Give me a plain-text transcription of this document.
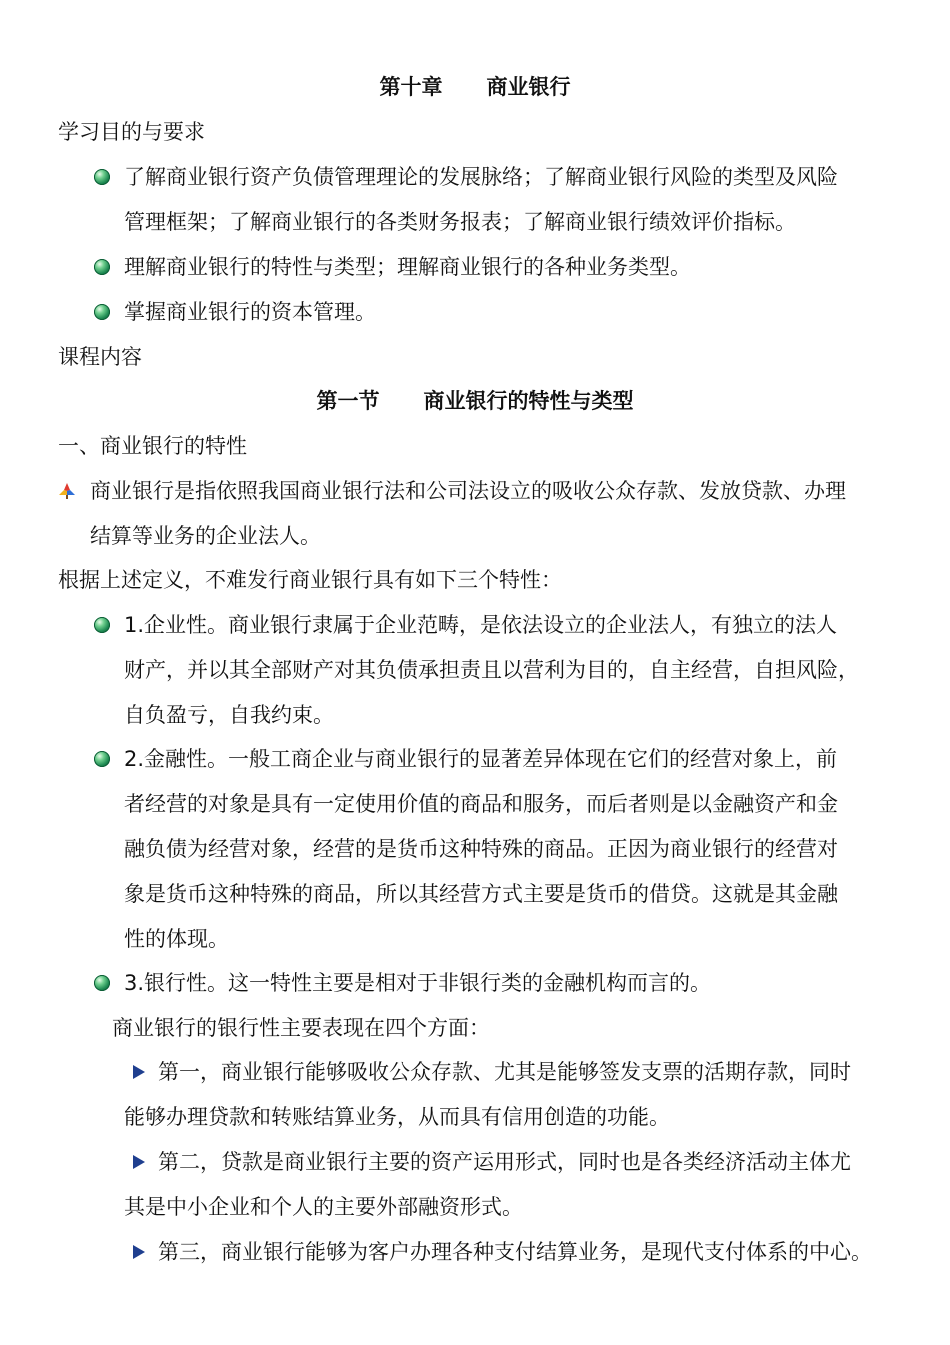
第十章 商业银行
学习目的与要求
了解商业银行资产负债管理理论的发展脉络；了解商业银行风险的类型及风险
管理框架；了解商业银行的各类财务报表；了解商业银行绩效评价指标。
理解商业银行的特性与类型；理解商业银行的各种业务类型。
掌握商业银行的资本管理。
课程内容
第一节 商业银行的特性与类型
一、商业银行的特性
商业银行是指依照我国商业银行法和公司法设立的吸收公众存款、发放贷款、办理
结算等业务的企业法人。
根据上述定义，不难发行商业银行具有如下三个特性：
1.企业性。商业银行隶属于企业范畴，是依法设立的企业法人，有独立的法人
财产，并以其全部财产对其负债承担责且以营利为目的，自主经营，自担风险，
自负盈亏，自我约束。
2.金融性。一般工商企业与商业银行的显著差异体现在它们的经营对象上，前
者经营的对象是具有一定使用价值的商品和服务，而后者则是以金融资产和金
融负债为经营对象，经营的是货币这种特殊的商品。正因为商业银行的经营对
象是货币这种特殊的商品，所以其经营方式主要是货币的借贷。这就是其金融
性的体现。
3.银行性。这一特性主要是相对于非银行类的金融机构而言的。
商业银行的银行性主要表现在四个方面：
第一，商业银行能够吸收公众存款、尤其是能够签发支票的活期存款，同时
能够办理贷款和转账结算业务，从而具有信用创造的功能。
第二，贷款是商业银行主要的资产运用形式，同时也是各类经济活动主体尤
其是中小企业和个人的主要外部融资形式。
第三，商业银行能够为客户办理各种支付结算业务，是现代支付体系的中心。
